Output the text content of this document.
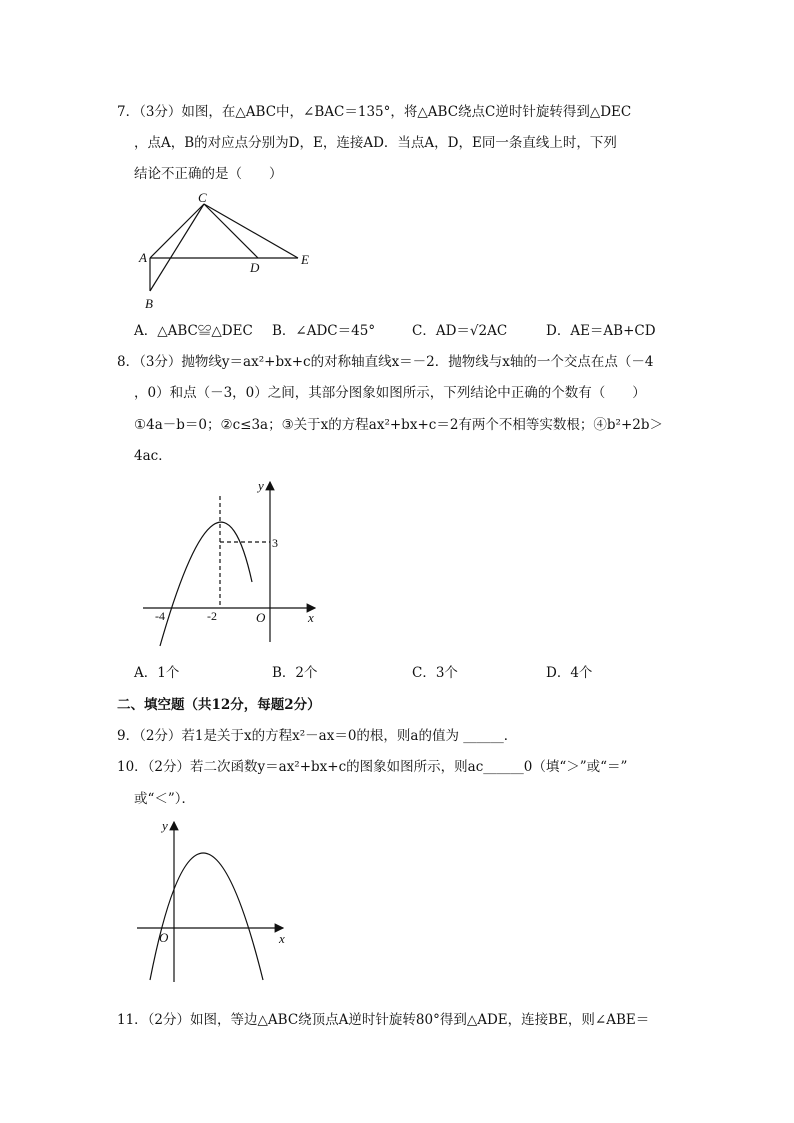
7．（3分）如图，在△ABC中，∠BAC＝135°，将△ABC绕点C逆时针旋转得到△DEC
，点A，B的对应点分别为D，E，连接AD．当点A，D，E同一条直线上时，下列
结论不正确的是（　　）
C
A
D
E
B
A．△ABC≌△DEC B．∠ADC＝45°	C．AD＝√2AC	D．AE＝AB+CD
8．（3分）抛物线y＝ax²+bx+c的对称轴直线x＝－2．抛物线与x轴的一个交点在点（－4
，0）和点（－3，0）之间，其部分图象如图所示，下列结论中正确的个数有（　　）
①4a－b＝0；②c≤3a；③关于x的方程ax²+bx+c＝2有两个不相等实数根；④b²+2b＞
4ac．
y
x
3
-4	-2	O
A．1个	B．2个	C．3个	D．4个
二、填空题（共12分，每题2分）
9．（2分）若1是关于x的方程x²－ax＝0的根，则a的值为 ______．
10．（2分）若二次函数y＝ax²+bx+c的图象如图所示，则ac______0（填“＞”或“＝”
或“＜”）．
y
x
O
11．（2分）如图，等边△ABC绕顶点A逆时针旋转80°得到△ADE，连接BE，则∠ABE＝
